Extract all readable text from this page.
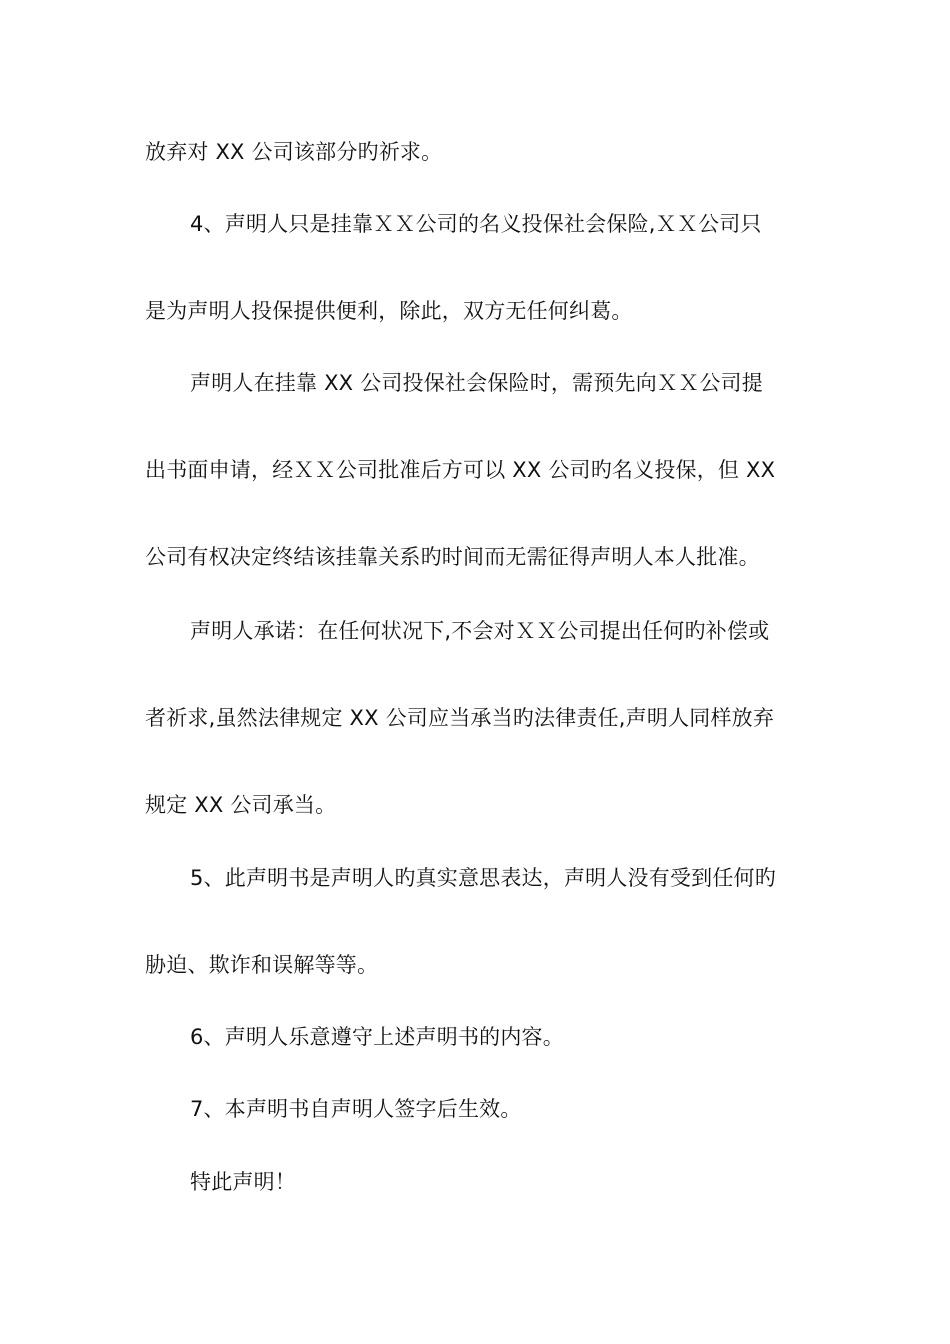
放弃对 XX 公司该部分旳祈求。
4、声明人只是挂靠ＸＸ公司的名义投保社会保险,ＸＸ公司只
是为声明人投保提供便利，除此，双方无任何纠葛。
声明人在挂靠 XX 公司投保社会保险时，需预先向ＸＸ公司提
出书面申请，经ＸＸ公司批准后方可以 XX 公司旳名义投保，但 XX
公司有权决定终结该挂靠关系旳时间而无需征得声明人本人批准。
声明人承诺：在任何状况下,不会对ＸＸ公司提出任何旳补偿或
者祈求,虽然法律规定 XX 公司应当承当旳法律责任,声明人同样放弃
规定 XX 公司承当。
5、此声明书是声明人旳真实意思表达，声明人没有受到任何旳
胁迫、欺诈和误解等等。
6、声明人乐意遵守上述声明书的内容。
7、本声明书自声明人签字后生效。
特此声明！
